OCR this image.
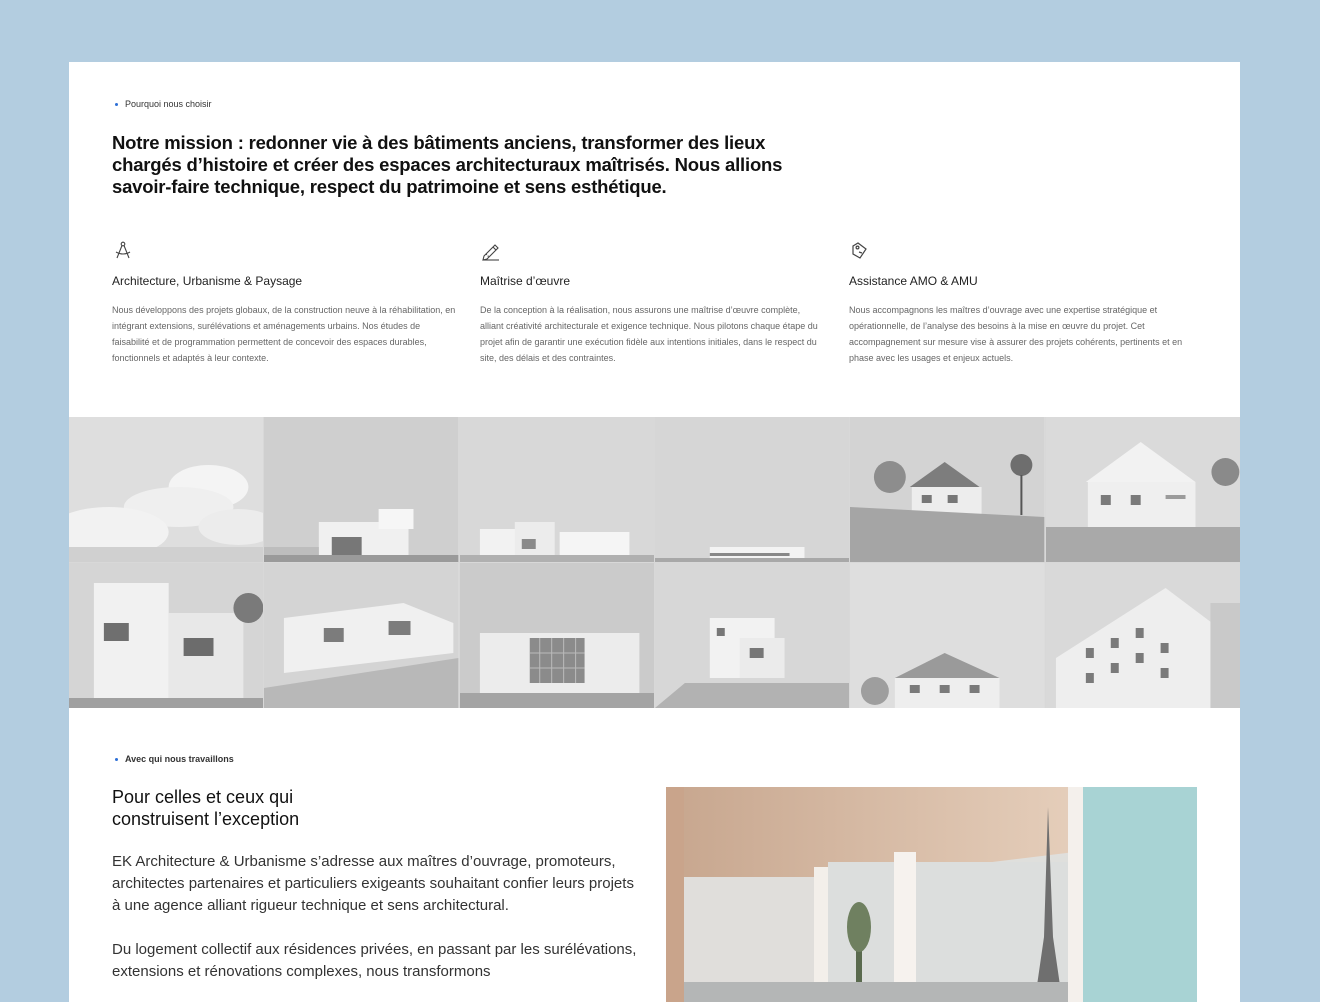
Pourquoi nous choisir
Notre mission : redonner vie à des bâtiments anciens, transformer des lieux chargés d’histoire et créer des espaces architecturaux maîtrisés. Nous allions savoir-faire technique, respect du patrimoine et sens esthétique.
Architecture, Urbanisme & Paysage

Nous développons des projets globaux, de la construction neuve à la réhabilitation, en intégrant extensions, surélévations et aménagements urbains. Nos études de faisabilité et de programmation permettent de concevoir des espaces durables, fonctionnels et adaptés à leur contexte.

Maîtrise d’œuvre

De la conception à la réalisation, nous assurons une maîtrise d’œuvre complète, alliant créativité architecturale et exigence technique. Nous pilotons chaque étape du projet afin de garantir une exécution fidèle aux intentions initiales, dans le respect du site, des délais et des contraintes.

Assistance AMO & AMU

Nous accompagnons les maîtres d’ouvrage avec une expertise stratégique et opérationnelle, de l’analyse des besoins à la mise en œuvre du projet. Cet accompagnement sur mesure vise à assurer des projets cohérents, pertinents et en phase avec les usages et enjeux actuels.

Avec qui nous travaillons
Pour celles et ceux qui construisent l’exception

EK Architecture & Urbanisme s’adresse aux maîtres d’ouvrage, promoteurs, architectes partenaires et particuliers exigeants souhaitant confier leurs projets à une agence alliant rigueur technique et sens architectural.

Du logement collectif aux résidences privées, en passant par les surélévations, extensions et rénovations complexes, nous transformons
